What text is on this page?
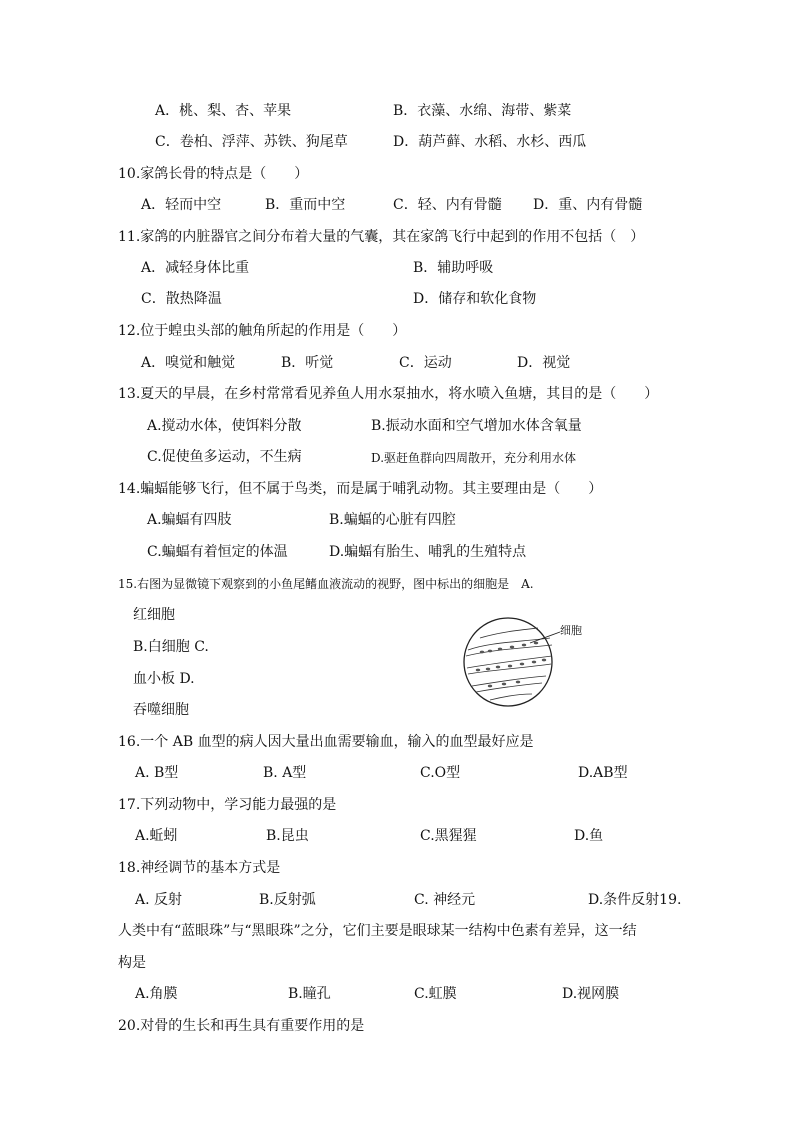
A．桃、梨、杏、苹果	B．衣藻、水绵、海带、紫菜
C．卷柏、浮萍、苏铁、狗尾草	D．葫芦藓、水稻、水杉、西瓜
10.家鸽长骨的特点是（　　）
A．轻而中空	B．重而中空	C．轻、内有骨髓 D．重、内有骨髓
11.家鸽的内脏器官之间分布着大量的气囊，其在家鸽飞行中起到的作用不包括（　）
A．减轻身体比重	B．辅助呼吸
C．散热降温	D．储存和软化食物
12.位于蝗虫头部的触角所起的作用是（　　）
A．嗅觉和触觉	B．听觉	C．运动	D．视觉
13.夏天的早晨，在乡村常常看见养鱼人用水泵抽水，将水喷入鱼塘，其目的是（　　）
A.搅动水体，使饵料分散	B.振动水面和空气增加水体含氧量
C.促使鱼多运动，不生病	D.驱赶鱼群向四周散开，充分利用水体
14.蝙蝠能够飞行，但不属于鸟类，而是属于哺乳动物。其主要理由是（　　）
A.蝙蝠有四肢	B.蝙蝠的心脏有四腔
C.蝙蝠有着恒定的体温	D.蝙蝠有胎生、哺乳的生殖特点
15.右图为显微镜下观察到的小鱼尾鳍血液流动的视野，图中标出的细胞是　A.
红细胞
B.白细胞 C.
血小板 D.
吞噬细胞
细胞
16.一个 AB 血型的病人因大量出血需要输血，输入的血型最好应是
A. B型	B. A型	C.O型	D.AB型
17.下列动物中，学习能力最强的是
A.蚯蚓	B.昆虫	C.黑猩猩	D.鱼
18.神经调节的基本方式是
A. 反射	B.反射弧	C. 神经元	D.条件反射19.
人类中有“蓝眼珠”与“黑眼珠”之分，它们主要是眼球某一结构中色素有差异，这一结
构是
A.角膜	B.瞳孔	C.虹膜	D.视网膜
20.对骨的生长和再生具有重要作用的是
